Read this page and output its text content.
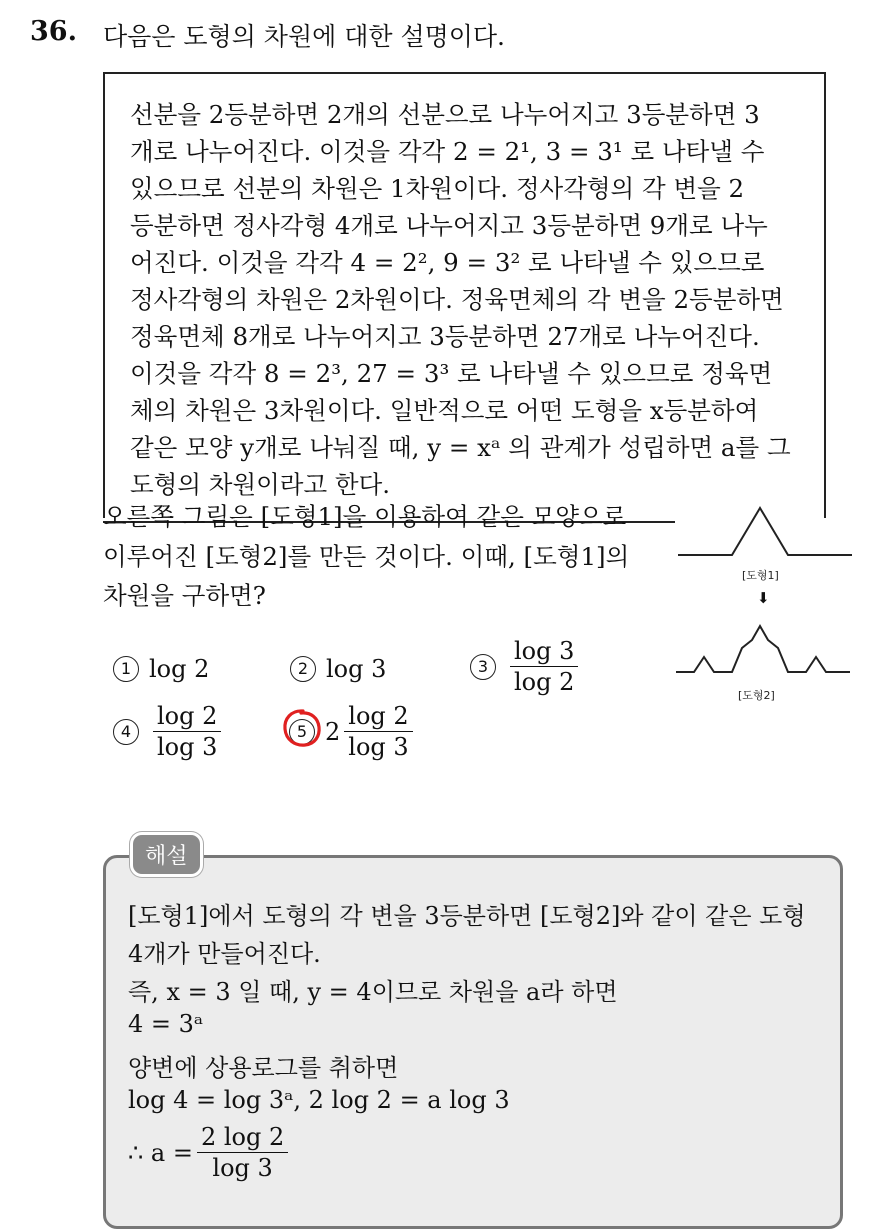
36. 다음은 도형의 차원에 대한 설명이다.
선분을 2등분하면 2개의 선분으로 나누어지고 3등분하면 3
개로 나누어진다. 이것을 각각 2 = 2¹, 3 = 3¹ 로 나타낼 수
있으므로 선분의 차원은 1차원이다. 정사각형의 각 변을 2
등분하면 정사각형 4개로 나누어지고 3등분하면 9개로 나누
어진다. 이것을 각각 4 = 2², 9 = 3² 로 나타낼 수 있으므로
정사각형의 차원은 2차원이다. 정육면체의 각 변을 2등분하면
정육면체 8개로 나누어지고 3등분하면 27개로 나누어진다.
이것을 각각 8 = 2³, 27 = 3³ 로 나타낼 수 있으므로 정육면
체의 차원은 3차원이다. 일반적으로 어떤 도형을 x등분하여
같은 모양 y개로 나눠질 때, y = xᵃ 의 관계가 성립하면 a를 그
도형의 차원이라고 한다.
오른쪽 그림은 [도형1]을 이용하여 같은 모양으로
이루어진 [도형2]를 만든 것이다. 이때, [도형1]의
차원을 구하면?
[도형1]
⬇
[도형2]
1 log 2	2 log 3	$3 \frac{\log 3}{\log 2}$
$4 \frac{\log 2}{\log 3}$	5 $2 \frac{\log 2}{\log 3}$
[도형1]에서 도형의 각 변을 3등분하면 [도형2]와 같이 같은 도형
4개가 만들어진다.
즉, x = 3 일 때, y = 4이므로 차원을 a라 하면
4 = 3ᵃ
양변에 상용로그를 취하면
log 4 = log 3ᵃ, 2 log 2 = a log 3
∴ $a = \frac{2 \log 2}{\log 3}$
해설
